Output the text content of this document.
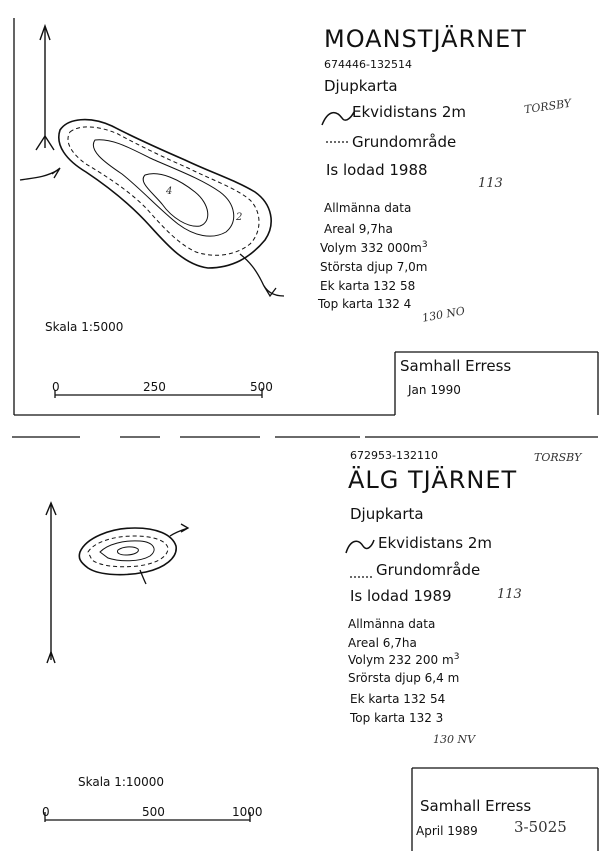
MOANSTJÄRNET
674446-132514
Djupkarta
Ekvidistans 2m	TORSBY
Grundområde
Is lodad 1988
113
Allmänna data
Areal 9,7ha
Volym 332 $000m^3$
Största djup 7,0m
Ek karta 132 58
Top karta 132 4
130 NO
4
2
Skala 1:5000
0	250	500
Samhall Erress
Jan 1990
672953-132110	TORSBY
ÄLG TJÄRNET
Djupkarta
Ekvidistans 2m
Grundområde
Is lodad 1989	113
Allmänna data
Areal 6,7ha
Volym 232 200 $m^3$
Srörsta djup 6,4 m
Ek karta 132 54
Top karta 132 3
130 NV
Skala 1:10000
0	500	1000	Samhall Erress
April 1989 3-5025
